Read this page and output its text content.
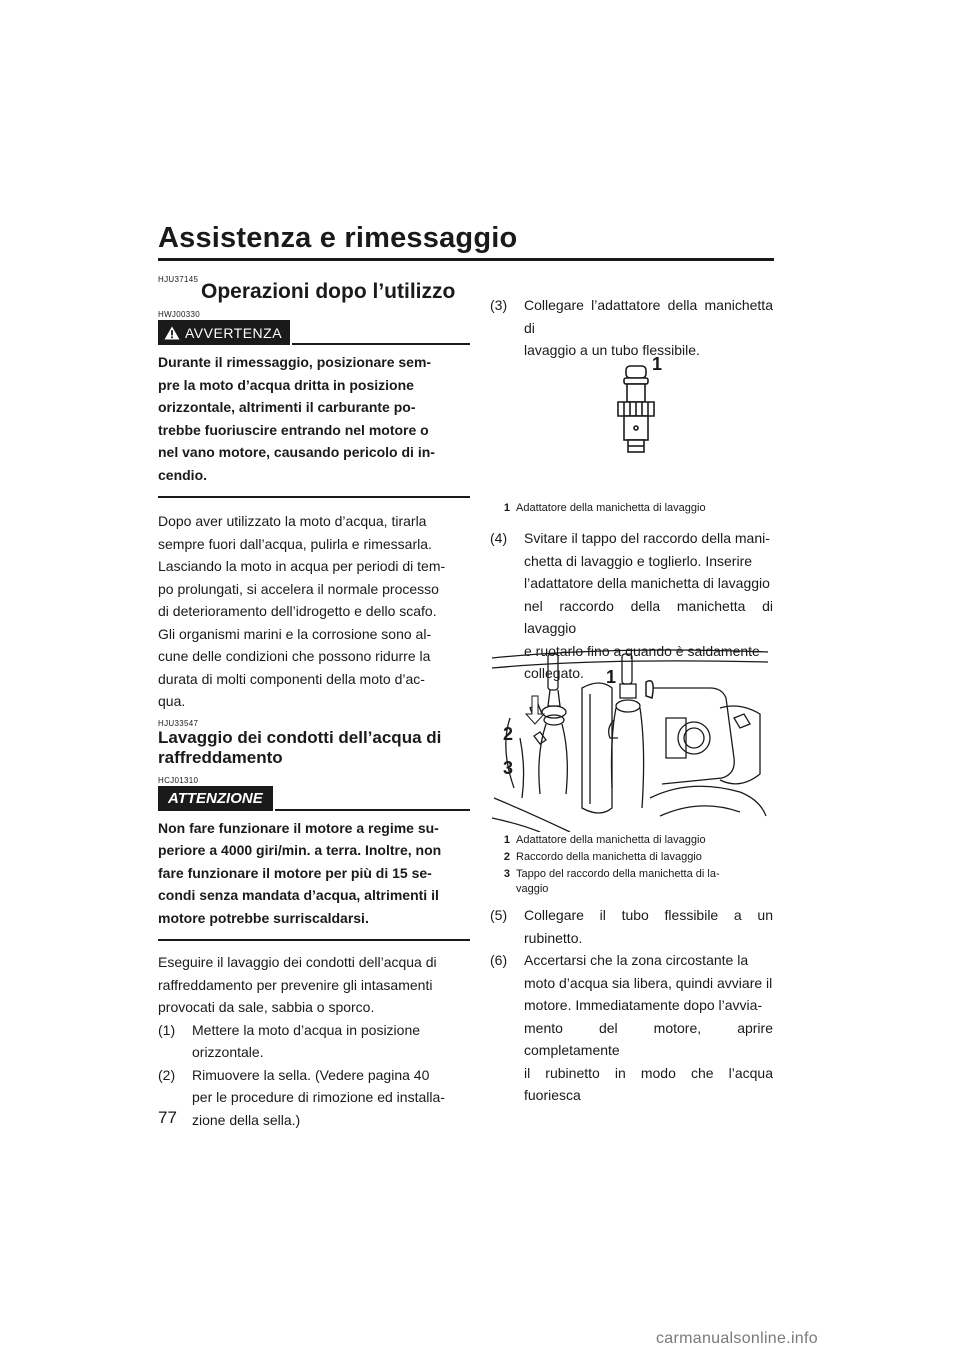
Assistenza e rimessaggio
HJU37145
Operazioni dopo l’utilizzo
HWJ00330
AVVERTENZA
Durante il rimessaggio, posizionare sem-
pre la moto d’acqua dritta in posizione
orizzontale, altrimenti il carburante po-
trebbe fuoriuscire entrando nel motore o
nel vano motore, causando pericolo di in-
cendio.
Dopo aver utilizzato la moto d’acqua, tirarla
sempre fuori dall’acqua, pulirla e rimessarla.
Lasciando la moto in acqua per periodi di tem-
po prolungati, si accelera il normale processo
di deterioramento dell’idrogetto e dello scafo.
Gli organismi marini e la corrosione sono al-
cune delle condizioni che possono ridurre la
durata di molti componenti della moto d’ac-
qua.
HJU33547
Lavaggio dei condotti dell’acqua di
raffreddamento
HCJ01310
ATTENZIONE
Non fare funzionare il motore a regime su-
periore a 4000 giri/min. a terra. Inoltre, non
fare funzionare il motore per più di 15 se-
condi senza mandata d’acqua, altrimenti il
motore potrebbe surriscaldarsi.
Eseguire il lavaggio dei condotti dell’acqua di
raffreddamento per prevenire gli intasamenti
provocati da sale, sabbia o sporco.
(1)	Mettere la moto d’acqua in posizione
orizzontale.
(2)	Rimuovere la sella. (Vedere pagina 40
per le procedure di rimozione ed installa-
zione della sella.)
(3)	Collegare l’adattatore della manichetta di
lavaggio a un tubo flessibile.
1
1 Adattatore della manichetta di lavaggio
(4)	Svitare il tappo del raccordo della mani-
chetta di lavaggio e toglierlo. Inserire
l’adattatore della manichetta di lavaggio
nel raccordo della manichetta di lavaggio
e ruotarlo fino a quando è saldamente
collegato.	1
2
3
1 Adattatore della manichetta di lavaggio
2 Raccordo della manichetta di lavaggio
3 Tappo del raccordo della manichetta di la-
vaggio
(5)	Collegare il tubo flessibile a un rubinetto.
(6)	Accertarsi che la zona circostante la
moto d’acqua sia libera, quindi avviare il
motore. Immediatamente dopo l’avvia-
mento del motore, aprire completamente
il rubinetto in modo che l’acqua fuoriesca
77
carmanualsonline.info
